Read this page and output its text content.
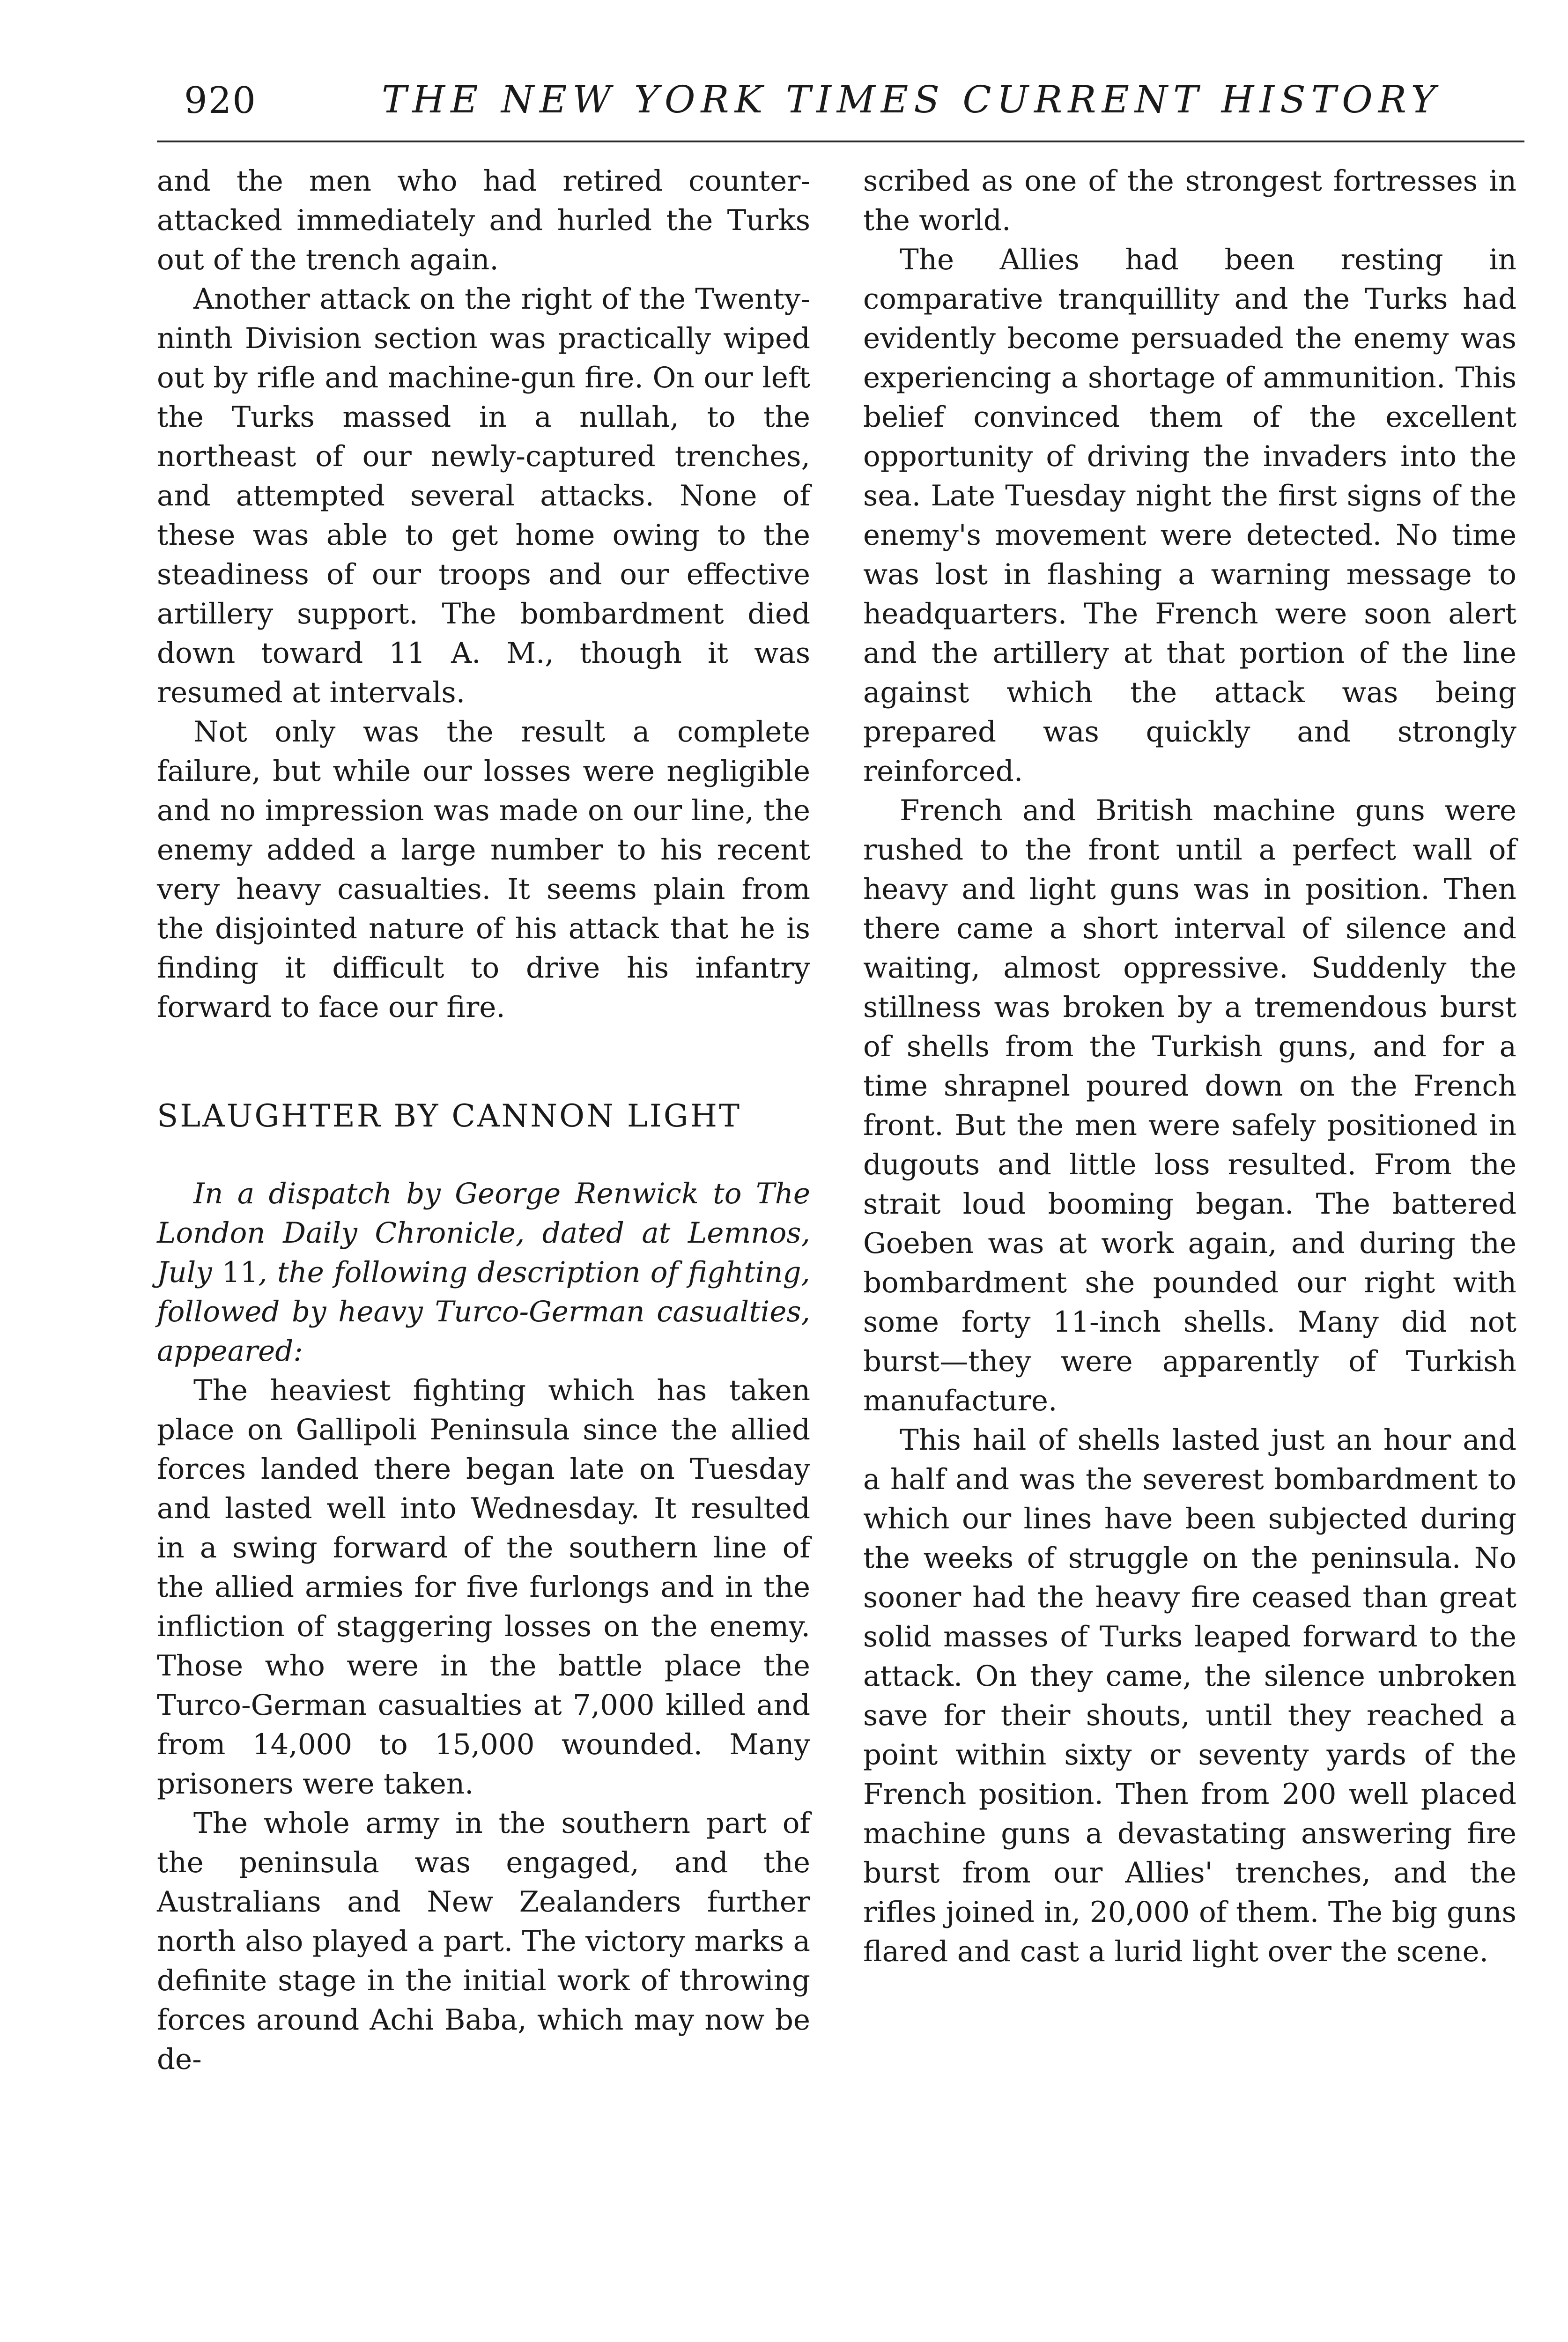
920	THE NEW YORK TIMES CURRENT HISTORY

and the men who had retired counter-attacked immediately and hurled the Turks out of the trench again.

Another attack on the right of the Twenty-ninth Division section was practically wiped out by rifle and machine-gun fire. On our left the Turks massed in a nullah, to the northeast of our newly-captured trenches, and attempted several attacks. None of these was able to get home owing to the steadiness of our troops and our effective artillery support. The bombardment died down toward 11 A. M., though it was resumed at intervals.

Not only was the result a complete failure, but while our losses were negligible and no impression was made on our line, the enemy added a large number to his recent very heavy casualties. It seems plain from the disjointed nature of his attack that he is finding it difficult to drive his infantry forward to face our fire.

SLAUGHTER BY CANNON LIGHT

In a dispatch by George Renwick to The London Daily Chronicle, dated at Lemnos, July 11, the following description of fighting, followed by heavy Turco-German casualties, appeared:

The heaviest fighting which has taken place on Gallipoli Peninsula since the allied forces landed there began late on Tuesday and lasted well into Wednesday. It resulted in a swing forward of the southern line of the allied armies for five furlongs and in the infliction of staggering losses on the enemy. Those who were in the battle place the Turco-German casualties at 7,000 killed and from 14,000 to 15,000 wounded. Many prisoners were taken.

The whole army in the southern part of the peninsula was engaged, and the Australians and New Zealanders further north also played a part. The victory marks a definite stage in the initial work of throwing forces around Achi Baba, which may now be de-

scribed as one of the strongest fortresses in the world.

The Allies had been resting in comparative tranquillity and the Turks had evidently become persuaded the enemy was experiencing a shortage of ammunition. This belief convinced them of the excellent opportunity of driving the invaders into the sea. Late Tuesday night the first signs of the enemy's movement were detected. No time was lost in flashing a warning message to headquarters. The French were soon alert and the artillery at that portion of the line against which the attack was being prepared was quickly and strongly reinforced.

French and British machine guns were rushed to the front until a perfect wall of heavy and light guns was in position. Then there came a short interval of silence and waiting, almost oppressive. Suddenly the stillness was broken by a tremendous burst of shells from the Turkish guns, and for a time shrapnel poured down on the French front. But the men were safely positioned in dugouts and little loss resulted. From the strait loud booming began. The battered Goeben was at work again, and during the bombardment she pounded our right with some forty 11-inch shells. Many did not burst—they were apparently of Turkish manufacture.

This hail of shells lasted just an hour and a half and was the severest bombardment to which our lines have been subjected during the weeks of struggle on the peninsula. No sooner had the heavy fire ceased than great solid masses of Turks leaped forward to the attack. On they came, the silence unbroken save for their shouts, until they reached a point within sixty or seventy yards of the French position. Then from 200 well placed machine guns a devastating answering fire burst from our Allies' trenches, and the rifles joined in, 20,000 of them. The big guns flared and cast a lurid light over the scene.
